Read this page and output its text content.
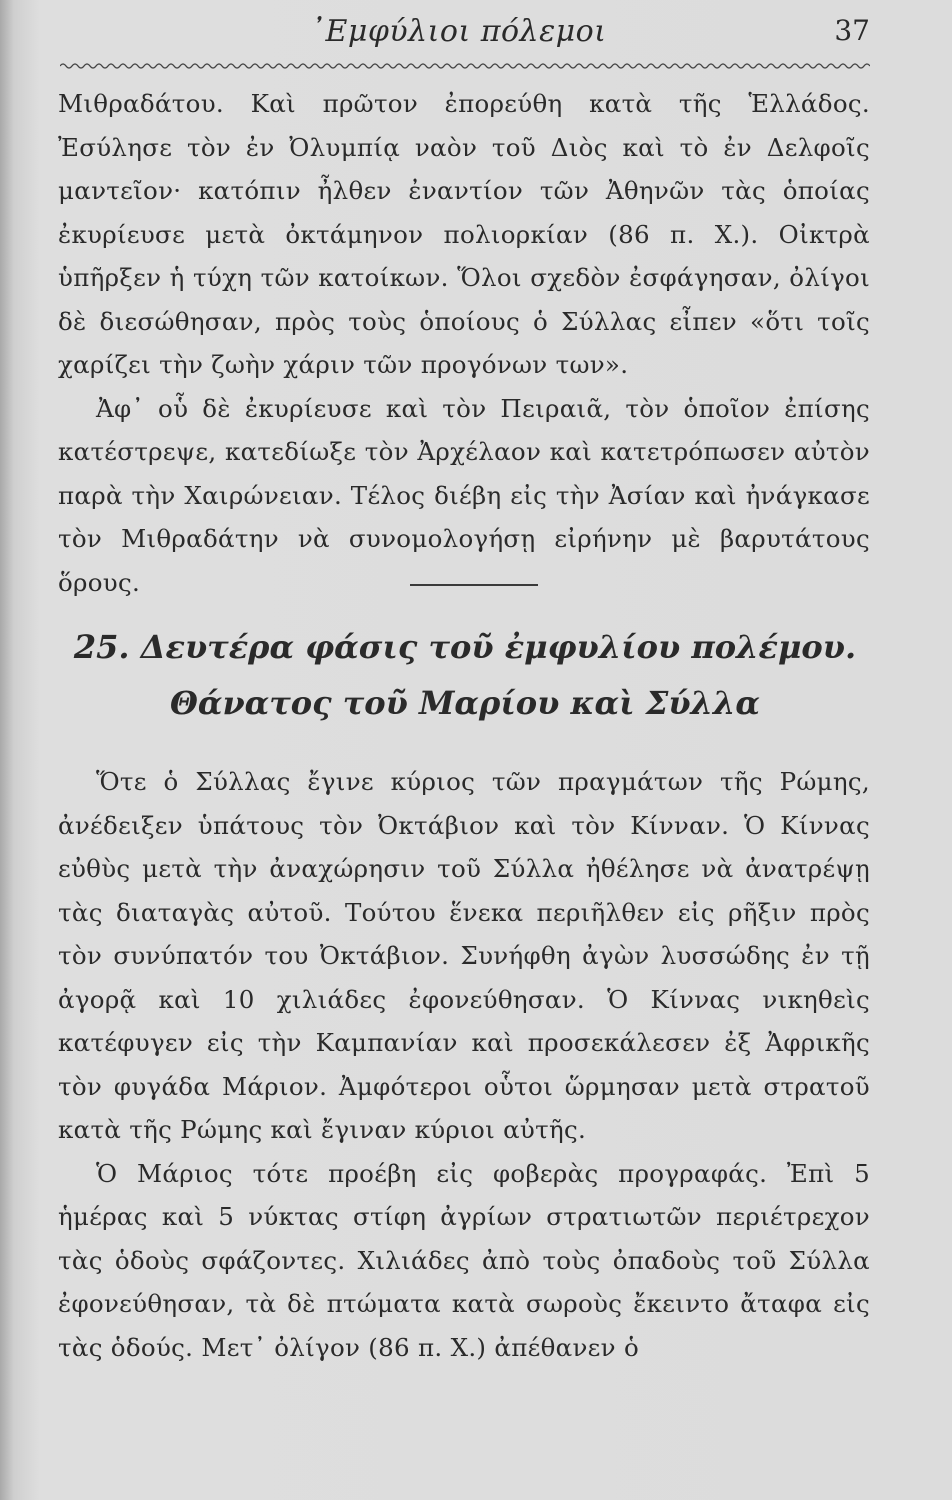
᾿Εμφύλιοι πόλεμοι	37

Μιθραδάτου. Καὶ πρῶτον ἐπορεύθη κατὰ τῆς Ἑλλάδος. Ἐσύλησε τὸν ἐν Ὀλυμπίᾳ ναὸν τοῦ Διὸς καὶ τὸ ἐν Δελφοῖς μαντεῖον· κατόπιν ἦλθεν ἐναντίον τῶν Ἀθηνῶν τὰς ὁποίας ἐκυρίευσε μετὰ ὀκτάμηνον πολιορκίαν (86 π. Χ.). Οἰκτρὰ ὑπῆρξεν ἡ τύχη τῶν κατοίκων. Ὅλοι σχεδὸν ἐσφάγησαν, ὀλίγοι δὲ διεσώθησαν, πρὸς τοὺς ὁποίους ὁ Σύλλας εἶπεν «ὅτι τοῖς χαρίζει τὴν ζωὴν χάριν τῶν προγόνων των».

Ἀφ᾽ οὗ δὲ ἐκυρίευσε καὶ τὸν Πειραιᾶ, τὸν ὁποῖον ἐπίσης κατέστρεψε, κατεδίωξε τὸν Ἀρχέλαον καὶ κατετρόπωσεν αὐτὸν παρὰ τὴν Χαιρώνειαν. Τέλος διέβη εἰς τὴν Ἀσίαν καὶ ἠνάγκασε τὸν Μιθραδάτην νὰ συνομολογήσῃ εἰρήνην μὲ βαρυτάτους ὅρους.

25. Δευτέρα φάσις τοῦ ἐμφυλίου πολέμου.
Θάνατος τοῦ Μαρίου καὶ Σύλλα

Ὅτε ὁ Σύλλας ἔγινε κύριος τῶν πραγμάτων τῆς Ρώμης, ἀνέδειξεν ὑπάτους τὸν Ὀκτάβιον καὶ τὸν Κίνναν. Ὁ Κίννας εὐθὺς μετὰ τὴν ἀναχώρησιν τοῦ Σύλλα ἠθέλησε νὰ ἀνατρέψῃ τὰς διαταγὰς αὐτοῦ. Τούτου ἕνεκα περιῆλθεν εἰς ρῆξιν πρὸς τὸν συνύπατόν του Ὀκτάβιον. Συνήφθη ἀγὼν λυσσώδης ἐν τῇ ἀγορᾷ καὶ 10 χιλιάδες ἐφονεύθησαν. Ὁ Κίννας νικηθεὶς κατέφυγεν εἰς τὴν Καμπανίαν καὶ προσεκάλεσεν ἐξ Ἀφρικῆς τὸν φυγάδα Μάριον. Ἀμφότεροι οὗτοι ὥρμησαν μετὰ στρατοῦ κατὰ τῆς Ρώμης καὶ ἔγιναν κύριοι αὐτῆς.

Ὁ Μάριος τότε προέβη εἰς φοβερὰς προγραφάς. Ἐπὶ 5 ἡμέρας καὶ 5 νύκτας στίφη ἀγρίων στρατιωτῶν περιέτρεχον τὰς ὁδοὺς σφάζοντες. Χιλιάδες ἀπὸ τοὺς ὀπαδοὺς τοῦ Σύλλα ἐφονεύθησαν, τὰ δὲ πτώματα κατὰ σωροὺς ἔκειντο ἄταφα εἰς τὰς ὁδούς. Μετ᾽ ὀλίγον (86 π. Χ.) ἀπέθανεν ὁ
